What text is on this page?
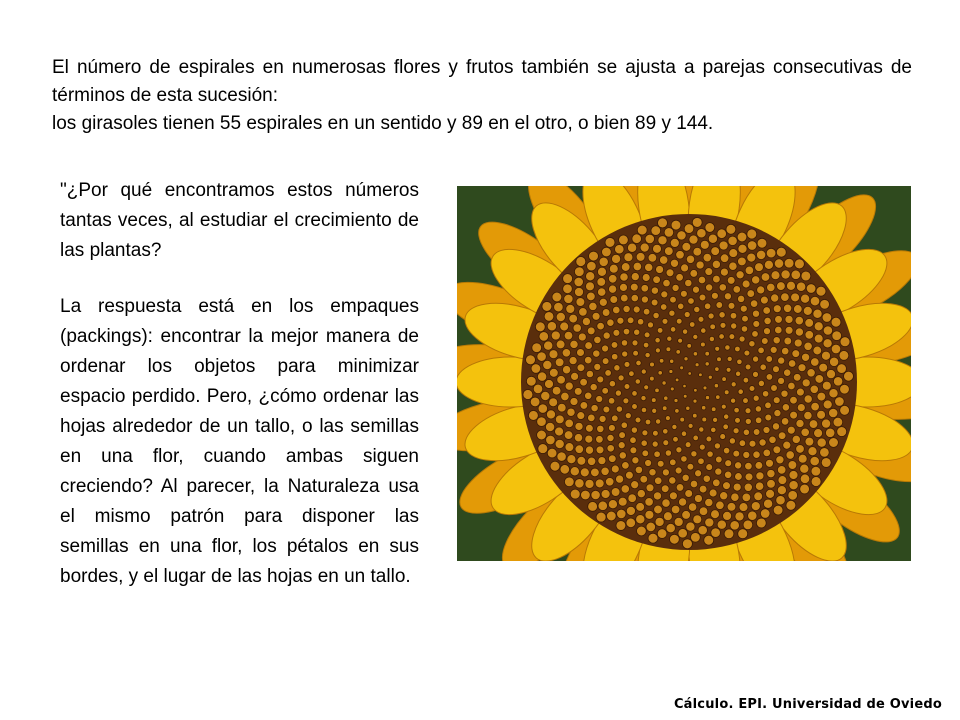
El número de espirales en numerosas flores y frutos también se ajusta a parejas consecutivas de términos de esta sucesión:

los girasoles tienen 55 espirales en un sentido y 89 en el otro, o bien 89 y 144.

"¿Por qué encontramos estos números tantas veces, al estudiar el crecimiento de las plantas?

La respuesta está en los empaques (packings): encontrar la mejor manera de ordenar los objetos para minimizar espacio perdido. Pero, ¿cómo ordenar las hojas alrededor de un tallo, o las semillas en una flor, cuando ambas siguen creciendo? Al parecer, la Naturaleza usa el mismo patrón para disponer las semillas en una flor, los pétalos en sus bordes, y el lugar de las hojas en un tallo.

Cálculo. EPI. Universidad de Oviedo
